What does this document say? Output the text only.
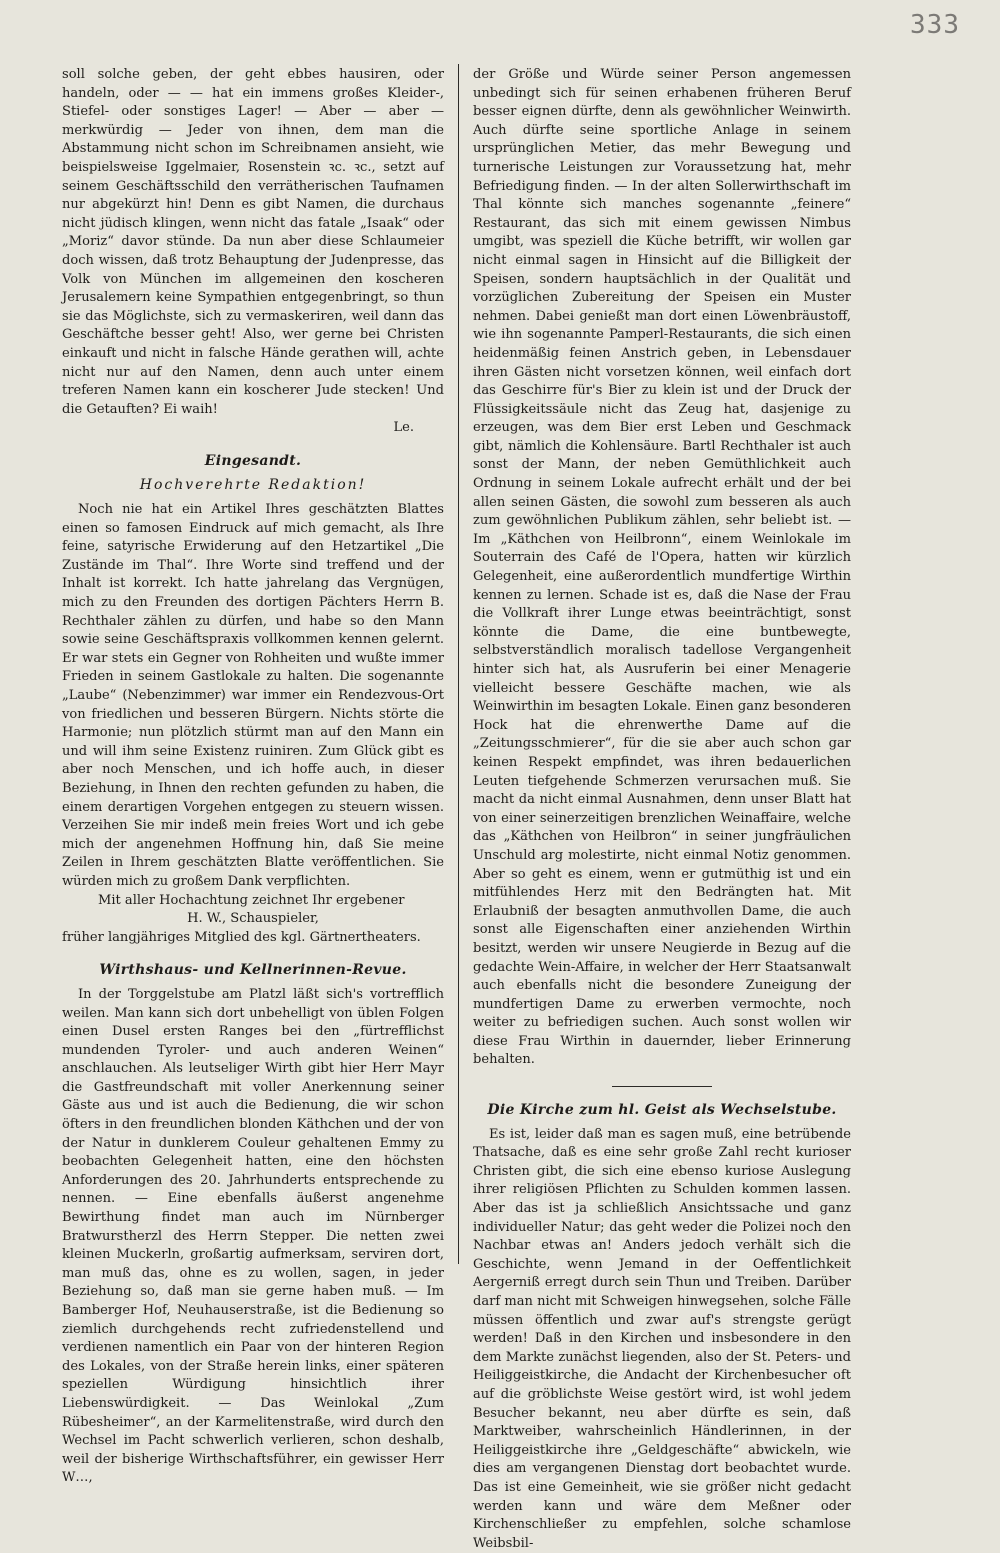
333

soll solche geben, der geht ebbes hausiren, oder handeln, oder — — hat ein immens großes Kleider-, Stiefel- oder sonstiges Lager! — Aber — aber — merkwürdig — Jeder von ihnen, dem man die Abstammung nicht schon im Schreibnamen ansieht, wie beispielsweise Iggelmaier, Rosenstein ꝛc. ꝛc., setzt auf seinem Geschäftsschild den verrätherischen Taufnamen nur abgekürzt hin! Denn es gibt Namen, die durchaus nicht jüdisch klingen, wenn nicht das fatale „Isaak“ oder „Moriz“ davor stünde. Da nun aber diese Schlaumeier doch wissen, daß trotz Behauptung der Judenpresse, das Volk von München im allgemeinen den koscheren Jerusalemern keine Sympathien entgegenbringt, so thun sie das Möglichste, sich zu vermaskeriren, weil dann das Geschäftche besser geht! Also, wer gerne bei Christen einkauft und nicht in falsche Hände gerathen will, achte nicht nur auf den Namen, denn auch unter einem treferen Namen kann ein koscherer Jude stecken! Und die Getauften? Ei waih!

Le.

Eingesandt.

Hochverehrte Redaktion!

Noch nie hat ein Artikel Ihres geschätzten Blattes einen so famosen Eindruck auf mich gemacht, als Ihre feine, satyrische Erwiderung auf den Hetzartikel „Die Zustände im Thal“. Ihre Worte sind treffend und der Inhalt ist korrekt. Ich hatte jahrelang das Vergnügen, mich zu den Freunden des dortigen Pächters Herrn B. Rechthaler zählen zu dürfen, und habe so den Mann sowie seine Geschäftspraxis vollkommen kennen gelernt. Er war stets ein Gegner von Rohheiten und wußte immer Frieden in seinem Gastlokale zu halten. Die sogenannte „Laube“ (Nebenzimmer) war immer ein Rendezvous-Ort von friedlichen und besseren Bürgern. Nichts störte die Harmonie; nun plötzlich stürmt man auf den Mann ein und will ihm seine Existenz ruiniren. Zum Glück gibt es aber noch Menschen, und ich hoffe auch, in dieser Beziehung, in Ihnen den rechten gefunden zu haben, die einem derartigen Vorgehen entgegen zu steuern wissen. Verzeihen Sie mir indeß mein freies Wort und ich gebe mich der angenehmen Hoffnung hin, daß Sie meine Zeilen in Ihrem geschätzten Blatte veröffentlichen. Sie würden mich zu großem Dank verpflichten.

Mit aller Hochachtung zeichnet Ihr ergebener

H. W., Schauspieler,

früher langjähriges Mitglied des kgl. Gärtnertheaters.

Wirthshaus- und Kellnerinnen-Revue.

In der Torggelstube am Platzl läßt sich's vortrefflich weilen. Man kann sich dort unbehelligt von üblen Folgen einen Dusel ersten Ranges bei den „fürtrefflichst mundenden Tyroler- und auch anderen Weinen“ anschlauchen. Als leutseliger Wirth gibt hier Herr Mayr die Gastfreundschaft mit voller Anerkennung seiner Gäste aus und ist auch die Bedienung, die wir schon öfters in den freundlichen blonden Käthchen und der von der Natur in dunklerem Couleur gehaltenen Emmy zu beobachten Gelegenheit hatten, eine den höchsten Anforderungen des 20. Jahrhunderts entsprechende zu nennen. — Eine ebenfalls äußerst angenehme Bewirthung findet man auch im Nürnberger Bratwurstherzl des Herrn Stepper. Die netten zwei kleinen Muckerln, großartig aufmerksam, serviren dort, man muß das, ohne es zu wollen, sagen, in jeder Beziehung so, daß man sie gerne haben muß. — Im Bamberger Hof, Neuhauserstraße, ist die Bedienung so ziemlich durchgehends recht zufriedenstellend und verdienen namentlich ein Paar von der hinteren Region des Lokales, von der Straße herein links, einer späteren speziellen Würdigung hinsichtlich ihrer Liebenswürdigkeit. — Das Weinlokal „Zum Rübesheimer“, an der Karmelitenstraße, wird durch den Wechsel im Pacht schwerlich verlieren, schon deshalb, weil der bisherige Wirthschaftsführer, ein gewisser Herr W…,

der Größe und Würde seiner Person angemessen unbedingt sich für seinen erhabenen früheren Beruf besser eignen dürfte, denn als gewöhnlicher Weinwirth. Auch dürfte seine sportliche Anlage in seinem ursprünglichen Metier, das mehr Bewegung und turnerische Leistungen zur Voraussetzung hat, mehr Befriedigung finden. — In der alten Sollerwirthschaft im Thal könnte sich manches sogenannte „feinere“ Restaurant, das sich mit einem gewissen Nimbus umgibt, was speziell die Küche betrifft, wir wollen gar nicht einmal sagen in Hinsicht auf die Billigkeit der Speisen, sondern hauptsächlich in der Qualität und vorzüglichen Zubereitung der Speisen ein Muster nehmen. Dabei genießt man dort einen Löwenbräustoff, wie ihn sogenannte Pamperl-Restaurants, die sich einen heidenmäßig feinen Anstrich geben, in Lebensdauer ihren Gästen nicht vorsetzen können, weil einfach dort das Geschirre für's Bier zu klein ist und der Druck der Flüssigkeitssäule nicht das Zeug hat, dasjenige zu erzeugen, was dem Bier erst Leben und Geschmack gibt, nämlich die Kohlensäure. Bartl Rechthaler ist auch sonst der Mann, der neben Gemüthlichkeit auch Ordnung in seinem Lokale aufrecht erhält und der bei allen seinen Gästen, die sowohl zum besseren als auch zum gewöhnlichen Publikum zählen, sehr beliebt ist. — Im „Käthchen von Heilbronn“, einem Weinlokale im Souterrain des Café de l'Opera, hatten wir kürzlich Gelegenheit, eine außerordentlich mundfertige Wirthin kennen zu lernen. Schade ist es, daß die Nase der Frau die Vollkraft ihrer Lunge etwas beeinträchtigt, sonst könnte die Dame, die eine buntbewegte, selbstverständlich moralisch tadellose Vergangenheit hinter sich hat, als Ausruferin bei einer Menagerie vielleicht bessere Geschäfte machen, wie als Weinwirthin im besagten Lokale. Einen ganz besonderen Hock hat die ehrenwerthe Dame auf die „Zeitungsschmierer“, für die sie aber auch schon gar keinen Respekt empfindet, was ihren bedauerlichen Leuten tiefgehende Schmerzen verursachen muß. Sie macht da nicht einmal Ausnahmen, denn unser Blatt hat von einer seinerzeitigen brenzlichen Weinaffaire, welche das „Käthchen von Heilbron“ in seiner jungfräulichen Unschuld arg molestirte, nicht einmal Notiz genommen. Aber so geht es einem, wenn er gutmüthig ist und ein mitfühlendes Herz mit den Bedrängten hat. Mit Erlaubniß der besagten anmuthvollen Dame, die auch sonst alle Eigenschaften einer anziehenden Wirthin besitzt, werden wir unsere Neugierde in Bezug auf die gedachte Wein-Affaire, in welcher der Herr Staatsanwalt auch ebenfalls nicht die besondere Zuneigung der mundfertigen Dame zu erwerben vermochte, noch weiter zu befriedigen suchen. Auch sonst wollen wir diese Frau Wirthin in dauernder, lieber Erinnerung behalten.

Die Kirche zum hl. Geist als Wechselstube.

Es ist, leider daß man es sagen muß, eine betrübende Thatsache, daß es eine sehr große Zahl recht kurioser Christen gibt, die sich eine ebenso kuriose Auslegung ihrer religiösen Pflichten zu Schulden kommen lassen. Aber das ist ja schließlich Ansichtssache und ganz individueller Natur; das geht weder die Polizei noch den Nachbar etwas an! Anders jedoch verhält sich die Geschichte, wenn Jemand in der Oeffentlichkeit Aergerniß erregt durch sein Thun und Treiben. Darüber darf man nicht mit Schweigen hinwegsehen, solche Fälle müssen öffentlich und zwar auf's strengste gerügt werden! Daß in den Kirchen und insbesondere in den dem Markte zunächst liegenden, also der St. Peters- und Heiliggeistkirche, die Andacht der Kirchenbesucher oft auf die gröblichste Weise gestört wird, ist wohl jedem Besucher bekannt, neu aber dürfte es sein, daß Marktweiber, wahrscheinlich Händlerinnen, in der Heiliggeistkirche ihre „Geldgeschäfte“ abwickeln, wie dies am vergangenen Dienstag dort beobachtet wurde. Das ist eine Gemeinheit, wie sie größer nicht gedacht werden kann und wäre dem Meßner oder Kirchenschließer zu empfehlen, solche schamlose Weibsbil-
